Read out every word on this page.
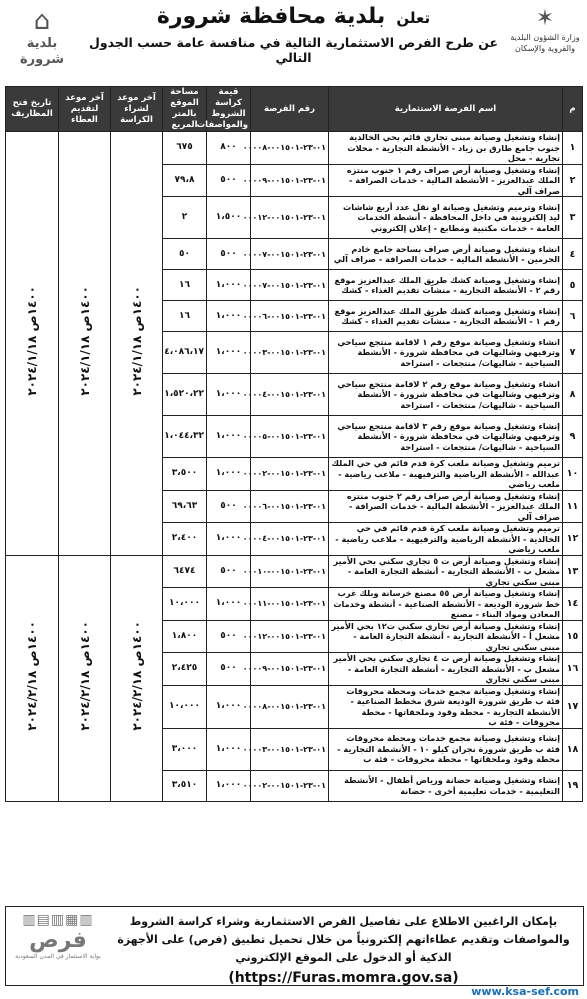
⌂
بلدية شرورة
تعلن بلدية محافظة شرورة
عن طرح الفرص الاستثمارية التالية في منافسة عامة حسب الجدول التالي
✶
وزارة الشؤون البلدية
والقروية والإسكان
م	اسم الفرصة الاستثمارية	رقم الفرصة	قيمة كراسة الشروط والمواصفات	مساحة الموقع بالمتر المربع	آخر موعد لشراء الكراسة	آخر موعد لتقديم العطاء	تاريخ فتح المظاريف
١	إنشاء وتشغيل وصيانة مبنى تجاري قائم بحي الخالدية جنوب جامع طارق بن زياد - الأنشطة التجارية - محلات تجارية - محل	٠١-٢٣-٠٠١٥٠١-٠٠٠٠٨	٨٠٠	٦٧٥	١٤٠٠ص ٢٠٢٤/١/١٨	١٤٠٠ص ٢٠٢٤/١/١٨	١٤٠٠ص ٢٠٢٤/١/١٨
٢	إنشاء وتشغيل وصيانة أرض صراف رقم ١ جنوب منتزه الملك عبدالعزيز - الأنشطة المالية - خدمات الصرافة - صراف آلي	٠١-٢٣-٠٠١٥٠١-٠٠٠٠٩	٥٠٠	٧٩،٨			
٣	إنشاء وترميم وتشغيل وصيانة او نقل عدد أربع شاشات ليد إلكترونية في داخل المحافظة - أنشطة الخدمات العامة - خدمات مكتبية ومطابع - إعلان إلكتروني	٠١-٢٣-٠٠١٥٠١-٠٠٠١٢	١،٥٠٠	٢			
٤	انشاء وتشغيل وصيانة أرض صراف بساحة جامع خادم الحرمين - الأنشطة المالية - خدمات الصرافة - صراف آلي	٠١-٢٣-٠٠١٥٠١-٠٠٠٠٧	٥٠٠	٥٠			
٥	إنشاء وتشغيل وصيانة كشك طريق الملك عبدالعزيز موقع رقم ٢ - الأنشطة التجارية - منشآت تقديم الغذاء - كشك	٠١-٢٣-٠٠١٥٠١-٠٠٠٠٧	١،٠٠٠	١٦			
٦	إنشاء وتشغيل وصيانة كشك طريق الملك عبدالعزيز موقع رقم ١ - الأنشطة التجارية - منشآت تقديم الغذاء - كشك	٠١-٢٣-٠٠١٥٠١-٠٠٠٠٦	١،٠٠٠	١٦			
٧	انشاء وتشغيل وصيانة موقع رقم ١ لاقامة منتجع سياحي وترفيهي وشاليهات في محافظة شرورة - الأنشطة السياحية - شاليهات/ منتجعات - استراحة	٠١-٢٣-٠٠١٥٠١-٠٠٠٠٣	١،٠٠٠	٤،٠٨٦،١٧			
٨	انشاء وتشغيل وصيانة موقع رقم ٢ لاقامة منتجع سياحي وترفيهي وشاليهات في محافظة شرورة - الأنشطة السياحية - شاليهات/ منتجعات - استراحة	٠١-٢٣-٠٠١٥٠١-٠٠٠٠٤	١،٠٠٠	١،٥٢٠،٢٢			
٩	إنشاء وتشغيل وصيانة موقع رقم ٣ لاقامة منتجع سياحي وترفيهي وشاليهات في محافظة شرورة - الأنشطة السياحية - شاليهات/ منتجعات - استراحة	٠١-٢٣-٠٠١٥٠١-٠٠٠٠٥	١،٠٠٠	١،٠٤٤،٣٢			
١٠	ترميم وتشغيل وصيانة ملعب كرة قدم قائم في حي الملك عبدالله - الأنشطة الرياضية والترفيهية - ملاعب رياضية - ملعب رياضي	٠١-٢٣-٠٠١٥٠١-٠٠٠٠٢	١،٠٠٠	٣،٥٠٠			
١١	إنشاء وتشغيل وصيانة أرض صراف رقم ٢ جنوب منتزه الملك عبدالعزيز - الأنشطة المالية - خدمات الصرافة - صراف آلي	٠١-٢٣-٠٠١٥٠١-٠٠٠٠٦	٥٠٠	٦٩،٦٣			
١٢	ترميم وتشغيل وصيانة ملعب كرة قدم قائم في حي الخالدية - الأنشطة الرياضية والترفيهية - ملاعب رياضية - ملعب رياضي	٠١-٢٣-٠٠١٥٠١-٠٠٠٠٤	١،٠٠٠	٢،٤٠٠			
١٣	إنشاء وتشغيل وصيانة أرض ت ٥ تجاري سكني بحي الأمير مشعل ب - الأنشطة التجارية - أنشطة التجارة العامة - مبنى سكني تجاري	٠١-٢٣-٠٠١٥٠١-٠٠٠١٠	٥٠٠	٦٤٧٤	١٤٠٠ص ٢٠٢٤/٢/١٨	١٤٠٠ص ٢٠٢٤/٢/١٨	١٤٠٠ص ٢٠٢٤/٢/١٨
١٤	إنشاء وتشغيل وصيانة أرض ٥٥ مصنع خرسانة وبلك غرب خط شرورة الوديعة - الأنشطة الصناعية - أنشطة وخدمات المعادن ومواد البناء - مصنع	٠١-٢٣-٠٠١٥٠١-٠٠٠١١	١،٠٠٠	١٠،٠٠٠			
١٥	إنشاء وتشغيل وصيانة أرض تجاري سكني ت١٢ بحي الأمير مشعل أ - الأنشطة التجارية - أنشطة التجارة العامة - مبنى سكني تجاري	٠١-٢٣-٠٠١٥٠١-٠٠٠١٢	٥٠٠	١،٨٠٠			
١٦	إنشاء وتشغيل وصيانة أرض ت ٤ تجاري سكني بحي الأمير مشعل ب - الأنشطة التجارية - أنشطة التجارة العامة - مبنى سكني تجاري	٠١-٢٣-٠٠١٥٠١-٠٠٠٠٩	٥٠٠	٢،٤٢٥			
١٧	إنشاء وتشغيل وصيانة مجمع خدمات ومحطة محروقات فئة ب طريق شرورة الوديعة شرق مخطط الصناعية - الأنشطة التجارية - محطة وقود وملحقاتها - محطة محروقات - فئة ب	٠١-٢٣-٠٠١٥٠١-٠٠٠٠٨	١،٠٠٠	١٠،٠٠٠			
١٨	إنشاء وتشغيل وصيانة مجمع خدمات ومحطة محروقات فئة ب طريق شرورة نجران كيلو ١٠ - الأنشطة التجارية - محطة وقود وملحقاتها - محطة محروقات - فئة ب	٠١-٢٣-٠٠١٥٠١-٠٠٠٠٣	١،٠٠٠	٣،٠٠٠			
١٩	إنشاء وتشغيل وصيانة حضانة ورياض أطفال - الأنشطة التعليمية - خدمات تعليمية أخرى - حضانة	٠١-٢٣-٠٠١٥٠١-٠٠٠٠٢	١،٠٠٠	٣،٥١٠			
▥▤▥▦▥
فرص
بوابة الاستثمار في المدن السعودية
بإمكان الراغبين الاطلاع على تفاصيل الفرص الاستثمارية وشراء كراسة الشروط والمواصفات وتقديم عطاءاتهم إلكترونياً من خلال تحميل تطبيق (فرص) على الأجهزة الذكية أو الدخول على الموقع الإلكتروني
(https://Furas.momra.gov.sa)
www.ksa-sef.com
